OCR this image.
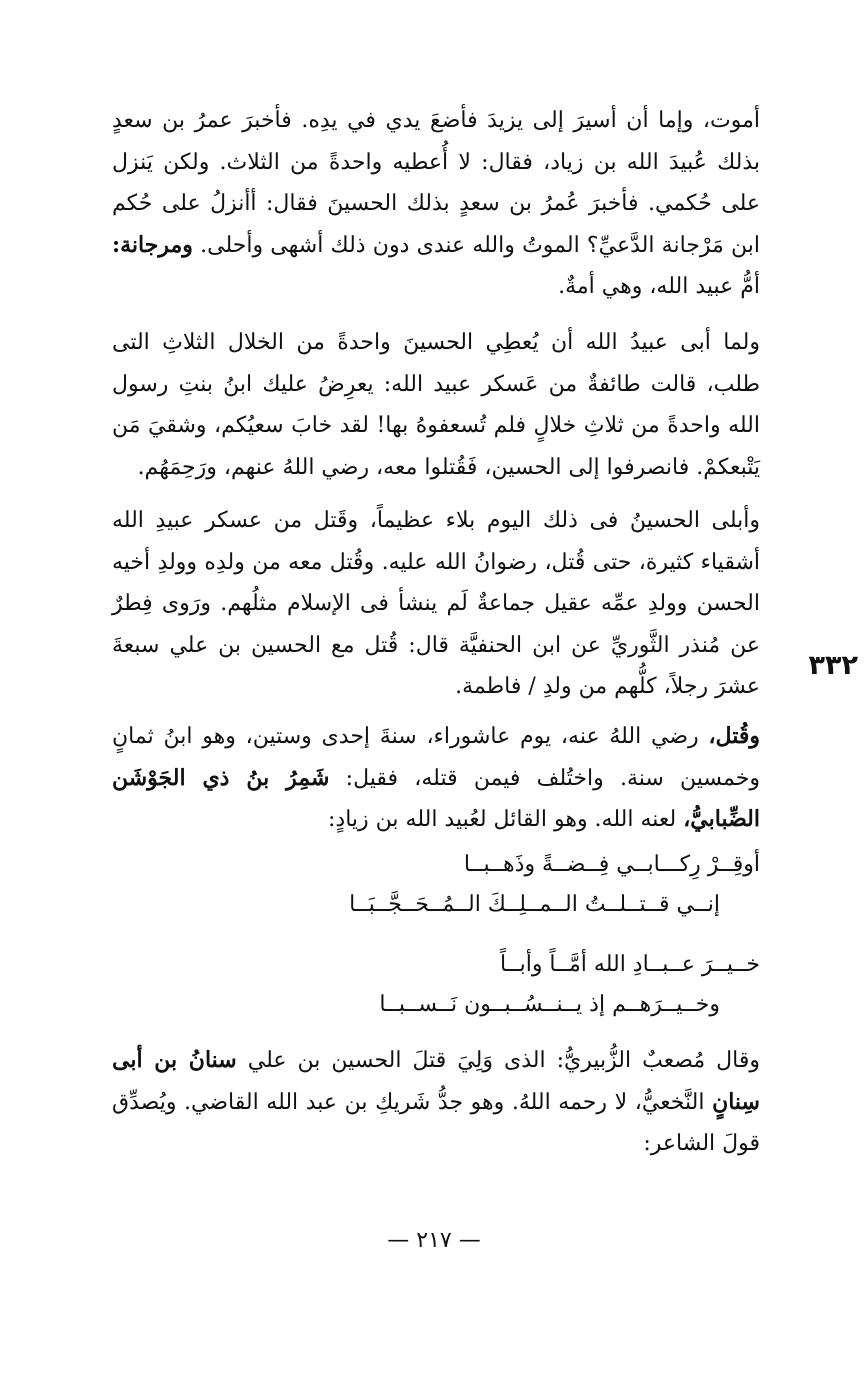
أموت، وإما أن أسيرَ إلى يزيدَ فأضعَ يدي في يدِه. فأخبرَ عمرُ بن سعدٍ بذلك عُبيدَ الله بن زياد، فقال: لا أُعطيه واحدةً من الثلاث. ولكن يَنزل على حُكمي. فأخبرَ عُمرُ بن سعدٍ بذلك الحسينَ فقال: أأنزلُ على حُكم ابن مَرْجانة الدَّعيِّ؟ الموتُ والله عندى دون ذلك أشهى وأحلى. ومرجانة: أمُّ عبيد الله، وهي أمةٌ.

ولما أبى عبيدُ الله أن يُعطِي الحسينَ واحدةً من الخلال الثلاثِ التى طلب، قالت طائفةٌ من عَسكر عبيد الله: يعرِضُ عليك ابنُ بنتِ رسول الله واحدةً من ثلاثِ خلالٍ فلم تُسعفوهُ بها! لقد خابَ سعيُكم، وشقيَ مَن يَتْبعكمْ. فانصرفوا إلى الحسين، فَقُتلوا معه، رضي اللهُ عنهم، ورَحِمَهُم.

وأبلى الحسينُ فى ذلك اليوم بلاء عظيماً، وقَتل من عسكر عبيدِ الله أشقياء كثيرة، حتى قُتل، رضوانُ الله عليه. وقُتل معه من ولدِه وولدِ أخيه الحسن وولدِ عمِّه عقيل جماعةٌ لَم ينشأ فى الإسلام مثلُهم. ورَوى فِطرٌ عن مُنذر الثَّوريِّ عن ابن الحنفيَّة قال: قُتل مع الحسين بن علي سبعةَ عشرَ رجلاً، كلُّهم من ولدِ / فاطمة.

٣٣٢

وقُتل، رضي اللهُ عنه، يوم عاشوراء، سنةَ إحدى وستين، وهو ابنُ ثمانٍ وخمسين سنة. واختُلف فيمن قتله، فقيل: شَمِرُ بنُ ذي الجَوْشَن الضِّبابيُّ، لعنه الله. وهو القائل لعُبيد الله بن زيادٍ:

أوقِــرْ رِكـــابــي فِــضــةً وذَهــبــا
إنــي قــتــلــتُ الــمــلِــكَ الــمُــحَــجَّــبَــا
خــيــرَ عــبــادِ الله أمَّــاً وأبــاً
وخــيــرَهــم إذ يــنــسُــبــون نَــســبــا

وقال مُصعبٌ الزُّبيريُّ: الذى وَلِيَ قتلَ الحسين بن علي سنانُ بن أبى سِنانٍ النَّخعيُّ، لا رحمه اللهُ. وهو جدُّ شَريكِ بن عبد الله القاضي. ويُصدِّق قولَ الشاعر:

— ٢١٧ —
